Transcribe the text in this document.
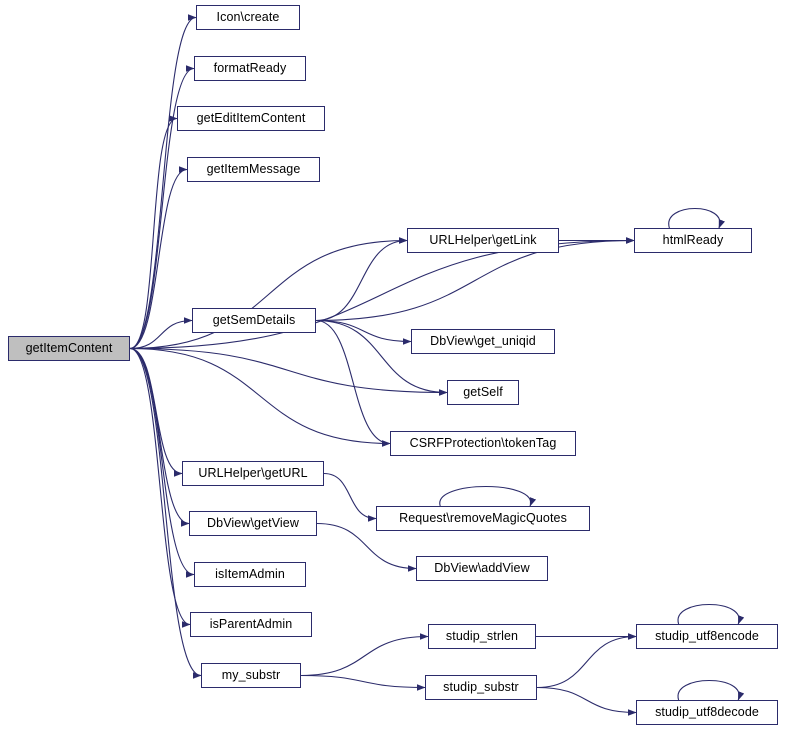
getItemContent
Icon\create
formatReady
getEditItemContent
getItemMessage
URLHelper\getLink	htmlReady
getSemDetails
DbView\get_uniqid
getSelf
CSRFProtection\tokenTag
URLHelper\getURL
Request\removeMagicQuotes
DbView\getView
DbView\addView
isItemAdmin
isParentAdmin
studip_strlen	studip_utf8encode
my_substr
studip_substr
studip_utf8decode
